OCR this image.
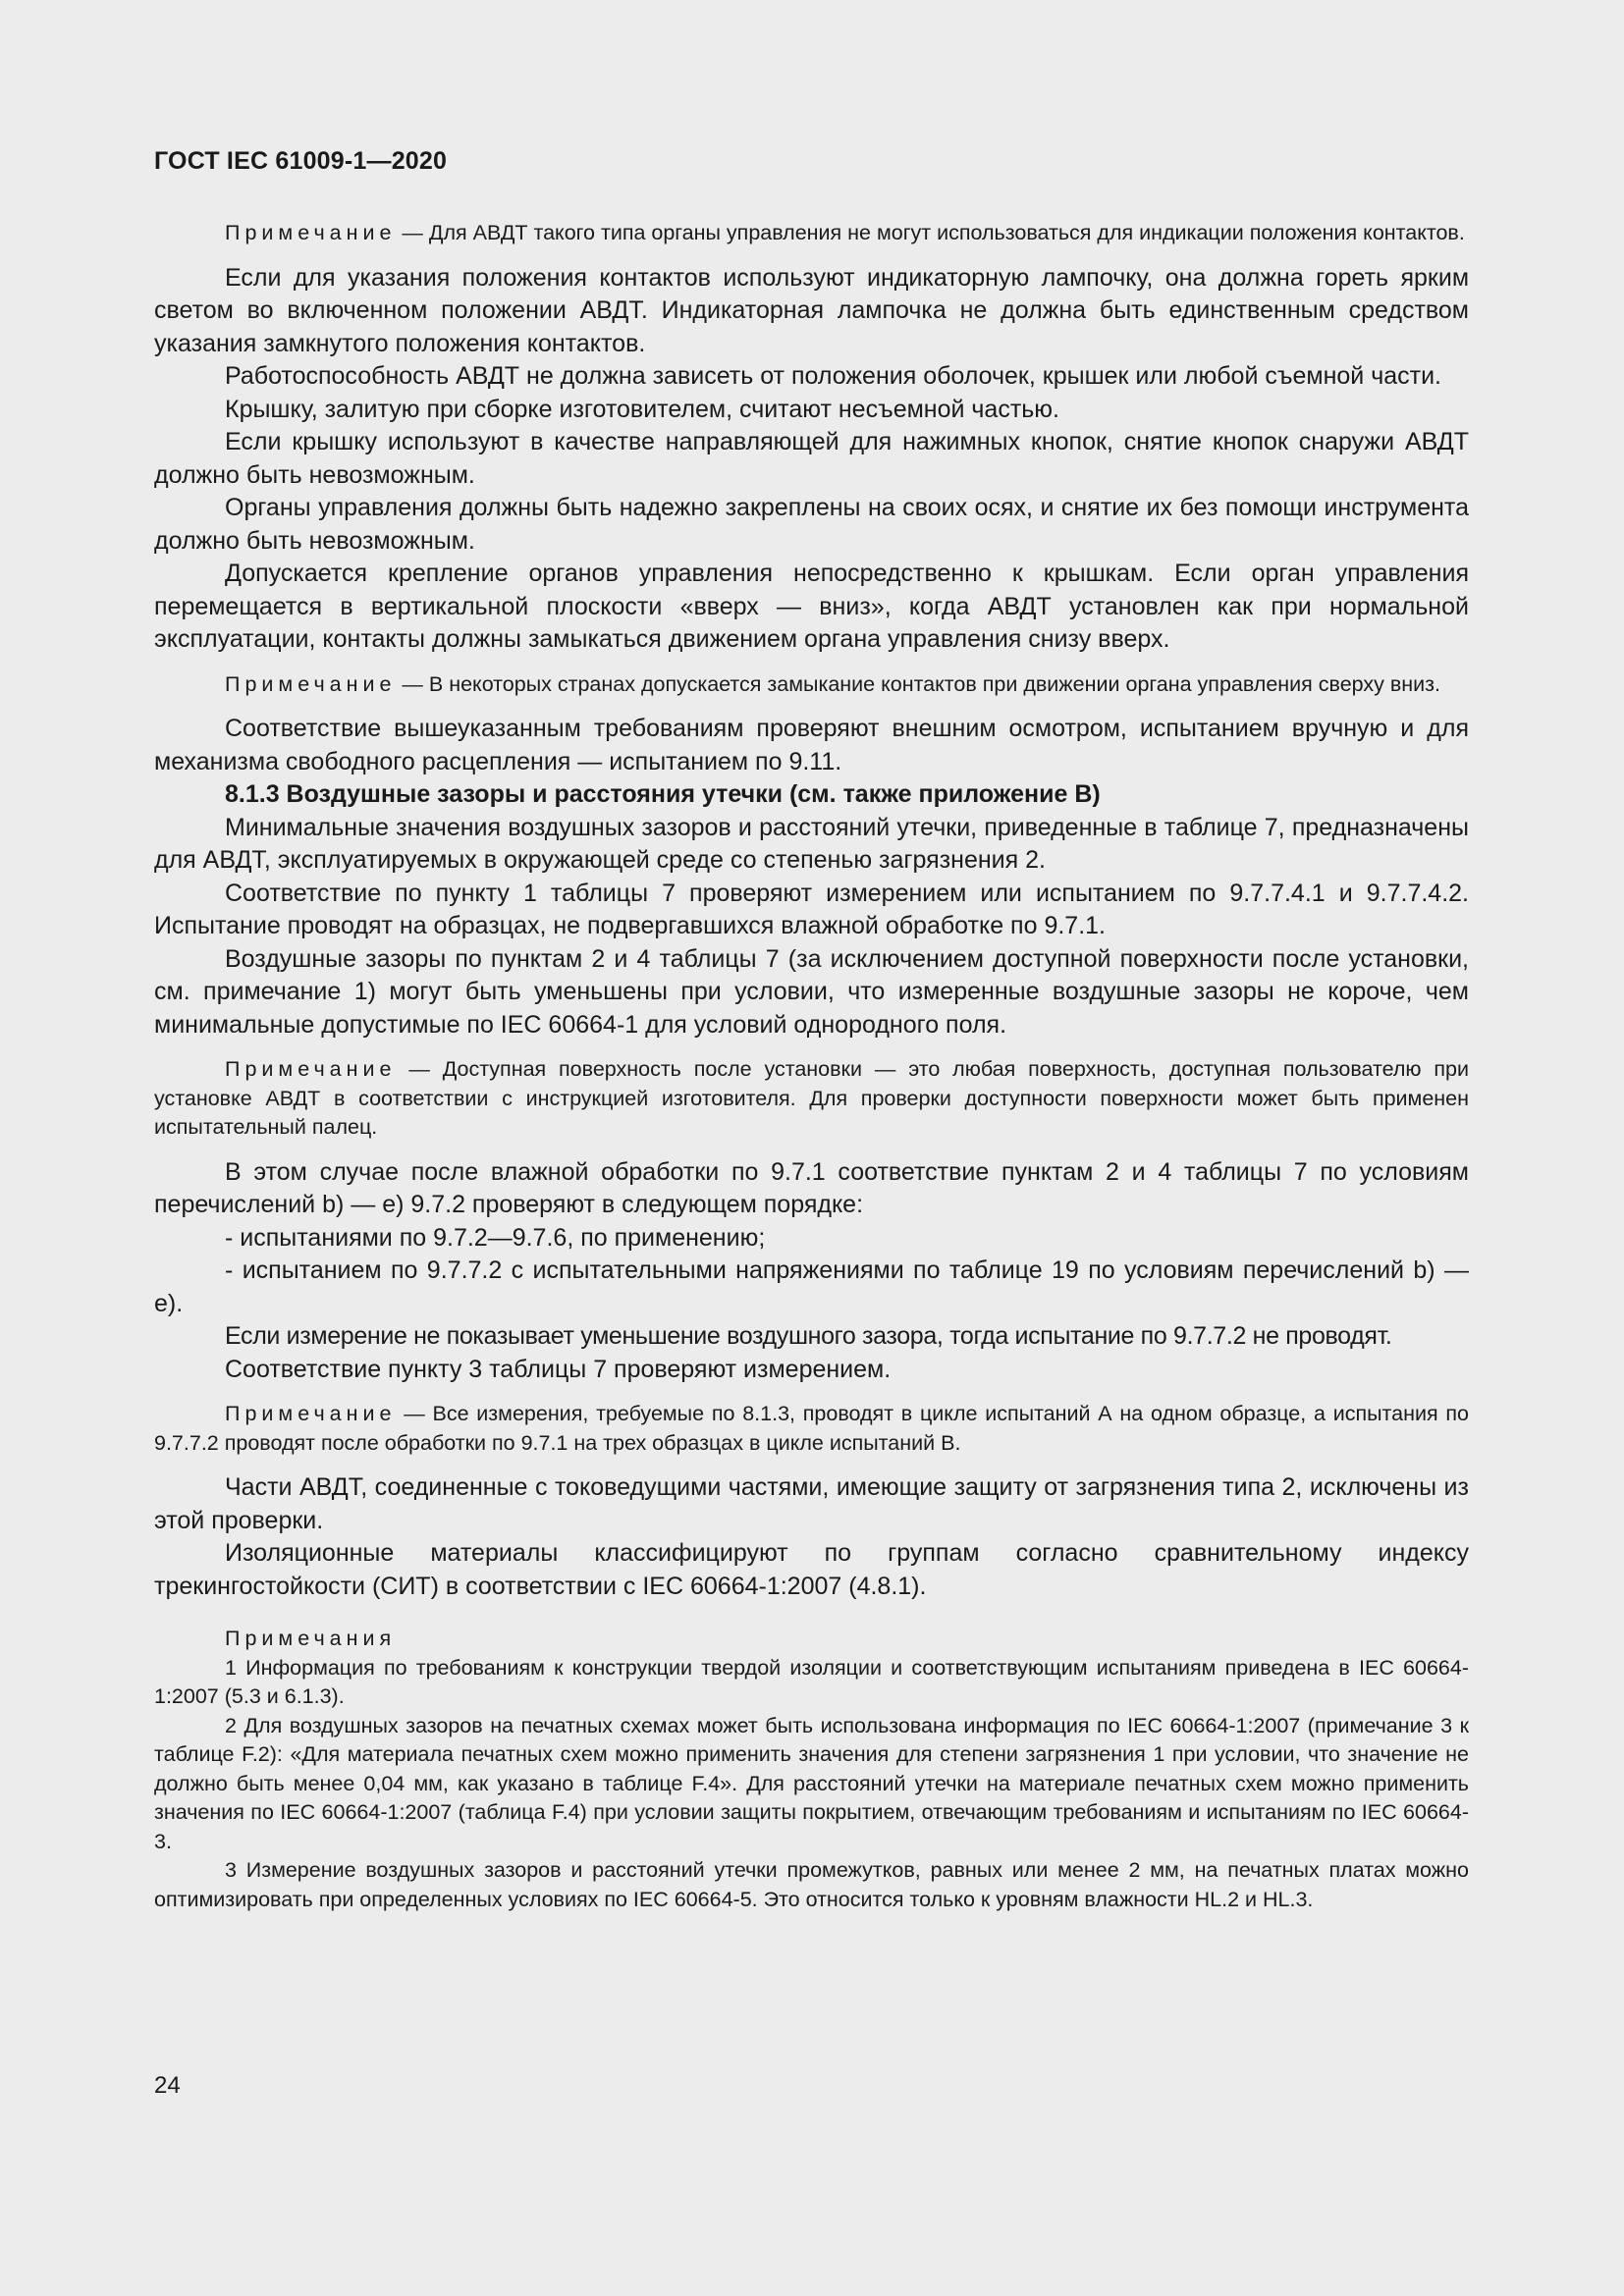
ГОСТ IEC 61009-1—2020

Примечание — Для АВДТ такого типа органы управления не могут использоваться для индикации положения контактов.

Если для указания положения контактов используют индикаторную лампочку, она должна гореть ярким светом во включенном положении АВДТ. Индикаторная лампочка не должна быть единственным средством указания замкнутого положения контактов.

Работоспособность АВДТ не должна зависеть от положения оболочек, крышек или любой съемной части.

Крышку, залитую при сборке изготовителем, считают несъемной частью.

Если крышку используют в качестве направляющей для нажимных кнопок, снятие кнопок снаружи АВДТ должно быть невозможным.

Органы управления должны быть надежно закреплены на своих осях, и снятие их без помощи инструмента должно быть невозможным.

Допускается крепление органов управления непосредственно к крышкам. Если орган управления перемещается в вертикальной плоскости «вверх — вниз», когда АВДТ установлен как при нормальной эксплуатации, контакты должны замыкаться движением органа управления снизу вверх.

Примечание — В некоторых странах допускается замыкание контактов при движении органа управления сверху вниз.

Соответствие вышеуказанным требованиям проверяют внешним осмотром, испытанием вручную и для механизма свободного расцепления — испытанием по 9.11.

8.1.3 Воздушные зазоры и расстояния утечки (см. также приложение В)

Минимальные значения воздушных зазоров и расстояний утечки, приведенные в таблице 7, предназначены для АВДТ, эксплуатируемых в окружающей среде со степенью загрязнения 2.

Соответствие по пункту 1 таблицы 7 проверяют измерением или испытанием по 9.7.7.4.1 и 9.7.7.4.2. Испытание проводят на образцах, не подвергавшихся влажной обработке по 9.7.1.

Воздушные зазоры по пунктам 2 и 4 таблицы 7 (за исключением доступной поверхности после установки, см. примечание 1) могут быть уменьшены при условии, что измеренные воздушные зазоры не короче, чем минимальные допустимые по IEC 60664-1 для условий однородного поля.

Примечание — Доступная поверхность после установки — это любая поверхность, доступная пользователю при установке АВДТ в соответствии с инструкцией изготовителя. Для проверки доступности поверхности может быть применен испытательный палец.

В этом случае после влажной обработки по 9.7.1 соответствие пунктам 2 и 4 таблицы 7 по условиям перечислений b) — e) 9.7.2 проверяют в следующем порядке:

- испытаниями по 9.7.2—9.7.6, по применению;

- испытанием по 9.7.7.2 с испытательными напряжениями по таблице 19 по условиям перечислений b) — e).

Если измерение не показывает уменьшение воздушного зазора, тогда испытание по 9.7.7.2 не проводят.

Соответствие пункту 3 таблицы 7 проверяют измерением.

Примечание — Все измерения, требуемые по 8.1.3, проводят в цикле испытаний А на одном образце, а испытания по 9.7.7.2 проводят после обработки по 9.7.1 на трех образцах в цикле испытаний В.

Части АВДТ, соединенные с токоведущими частями, имеющие защиту от загрязнения типа 2, исключены из этой проверки.

Изоляционные материалы классифицируют по группам согласно сравнительному индексу трекингостойкости (СИТ) в соответствии с IEC 60664-1:2007 (4.8.1).

Примечания

1 Информация по требованиям к конструкции твердой изоляции и соответствующим испытаниям приведена в IEC 60664-1:2007 (5.3 и 6.1.3).

2 Для воздушных зазоров на печатных схемах может быть использована информация по IEC 60664-1:2007 (примечание 3 к таблице F.2): «Для материала печатных схем можно применить значения для степени загрязнения 1 при условии, что значение не должно быть менее 0,04 мм, как указано в таблице F.4». Для расстояний утечки на материале печатных схем можно применить значения по IEC 60664-1:2007 (таблица F.4) при условии защиты покрытием, отвечающим требованиям и испытаниям по IEC 60664-3.

3 Измерение воздушных зазоров и расстояний утечки промежутков, равных или менее 2 мм, на печатных платах можно оптимизировать при определенных условиях по IEC 60664-5. Это относится только к уровням влажности HL.2 и HL.3.

24
